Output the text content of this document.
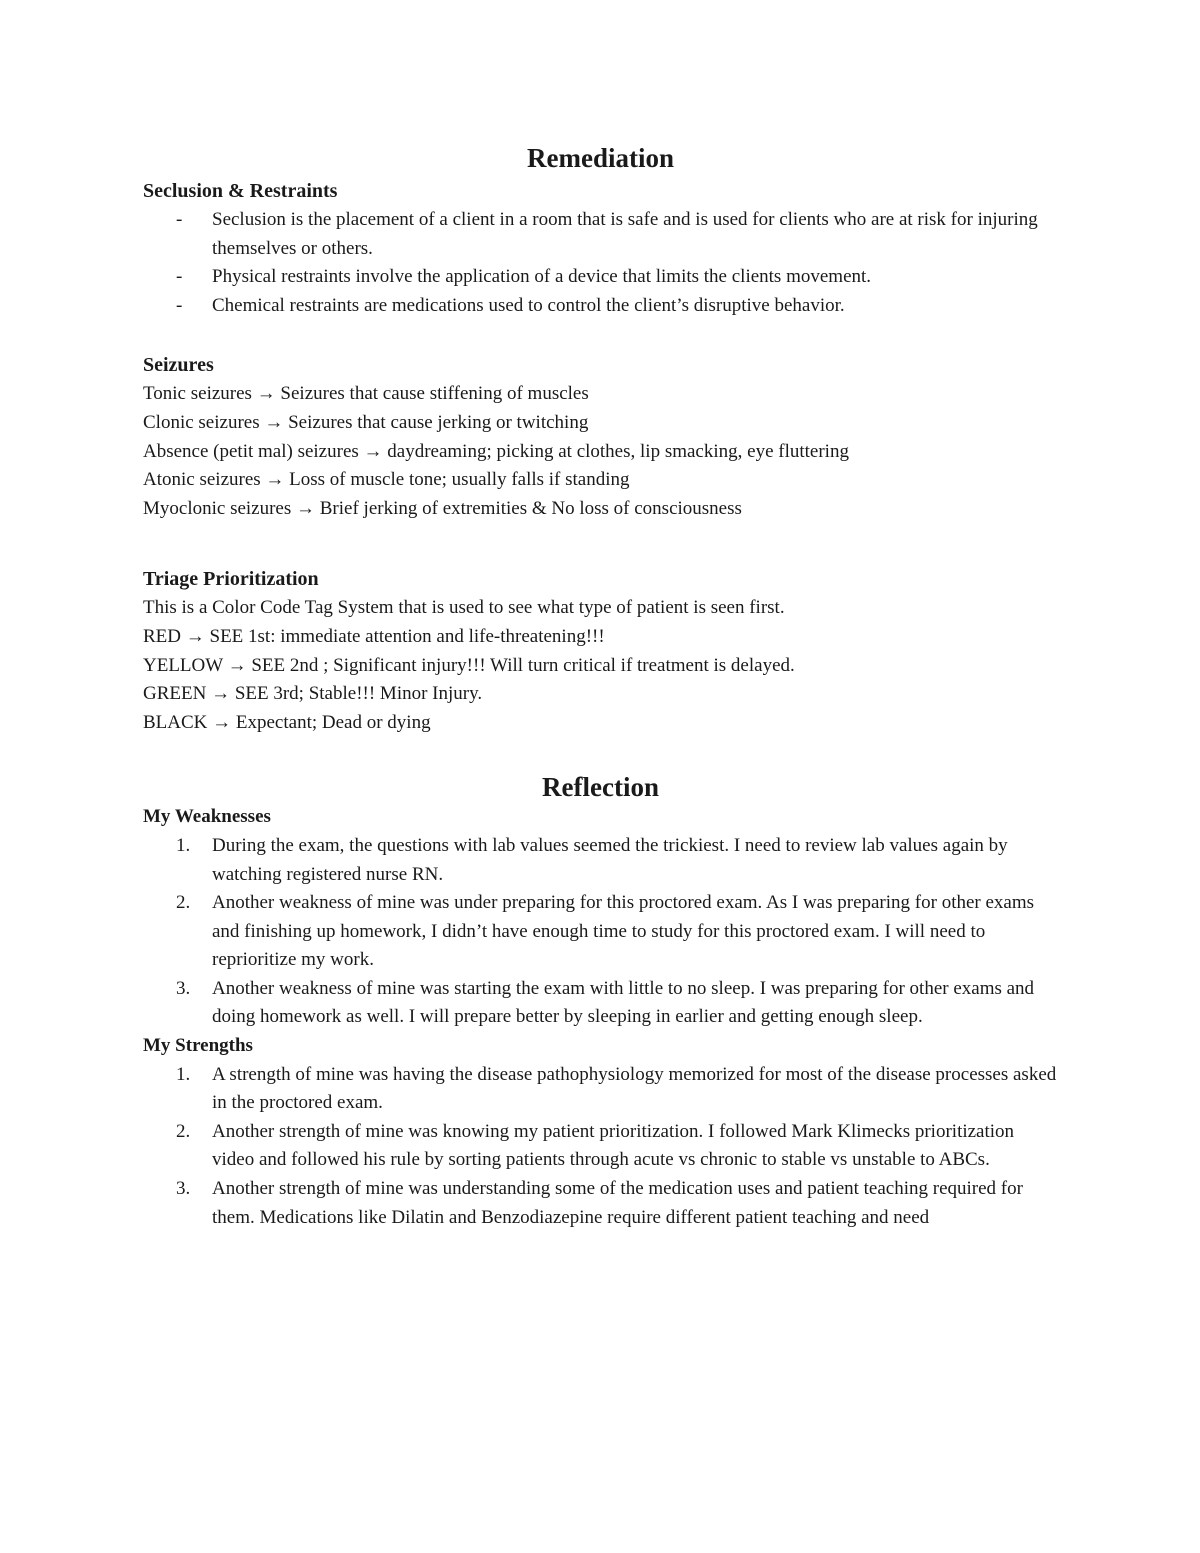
Remediation
Seclusion & Restraints
- Seclusion is the placement of a client in a room that is safe and is used for clients who are at risk for injuring themselves or others.
- Physical restraints involve the application of a device that limits the clients movement.
- Chemical restraints are medications used to control the client’s disruptive behavior.
Seizures

Tonic seizures → Seizures that cause stiffening of muscles

Clonic seizures → Seizures that cause jerking or twitching

Absence (petit mal) seizures → daydreaming; picking at clothes, lip smacking, eye fluttering

Atonic seizures → Loss of muscle tone; usually falls if standing

Myoclonic seizures → Brief jerking of extremities & No loss of consciousness

Triage Prioritization

This is a Color Code Tag System that is used to see what type of patient is seen first.

RED → SEE 1st: immediate attention and life-threatening!!!

YELLOW → SEE 2nd ; Significant injury!!! Will turn critical if treatment is delayed.

GREEN → SEE 3rd; Stable!!! Minor Injury.

BLACK → Expectant; Dead or dying

Reflection
My Weaknesses
1. During the exam, the questions with lab values seemed the trickiest. I need to review lab values again by watching registered nurse RN.
2. Another weakness of mine was under preparing for this proctored exam. As I was preparing for other exams and finishing up homework, I didn’t have enough time to study for this proctored exam. I will need to reprioritize my work.
3. Another weakness of mine was starting the exam with little to no sleep. I was preparing for other exams and doing homework as well. I will prepare better by sleeping in earlier and getting enough sleep.
My Strengths
1. A strength of mine was having the disease pathophysiology memorized for most of the disease processes asked in the proctored exam.
2. Another strength of mine was knowing my patient prioritization. I followed Mark Klimecks prioritization video and followed his rule by sorting patients through acute vs chronic to stable vs unstable to ABCs.
3. Another strength of mine was understanding some of the medication uses and patient teaching required for them. Medications like Dilatin and Benzodiazepine require different patient teaching and need
